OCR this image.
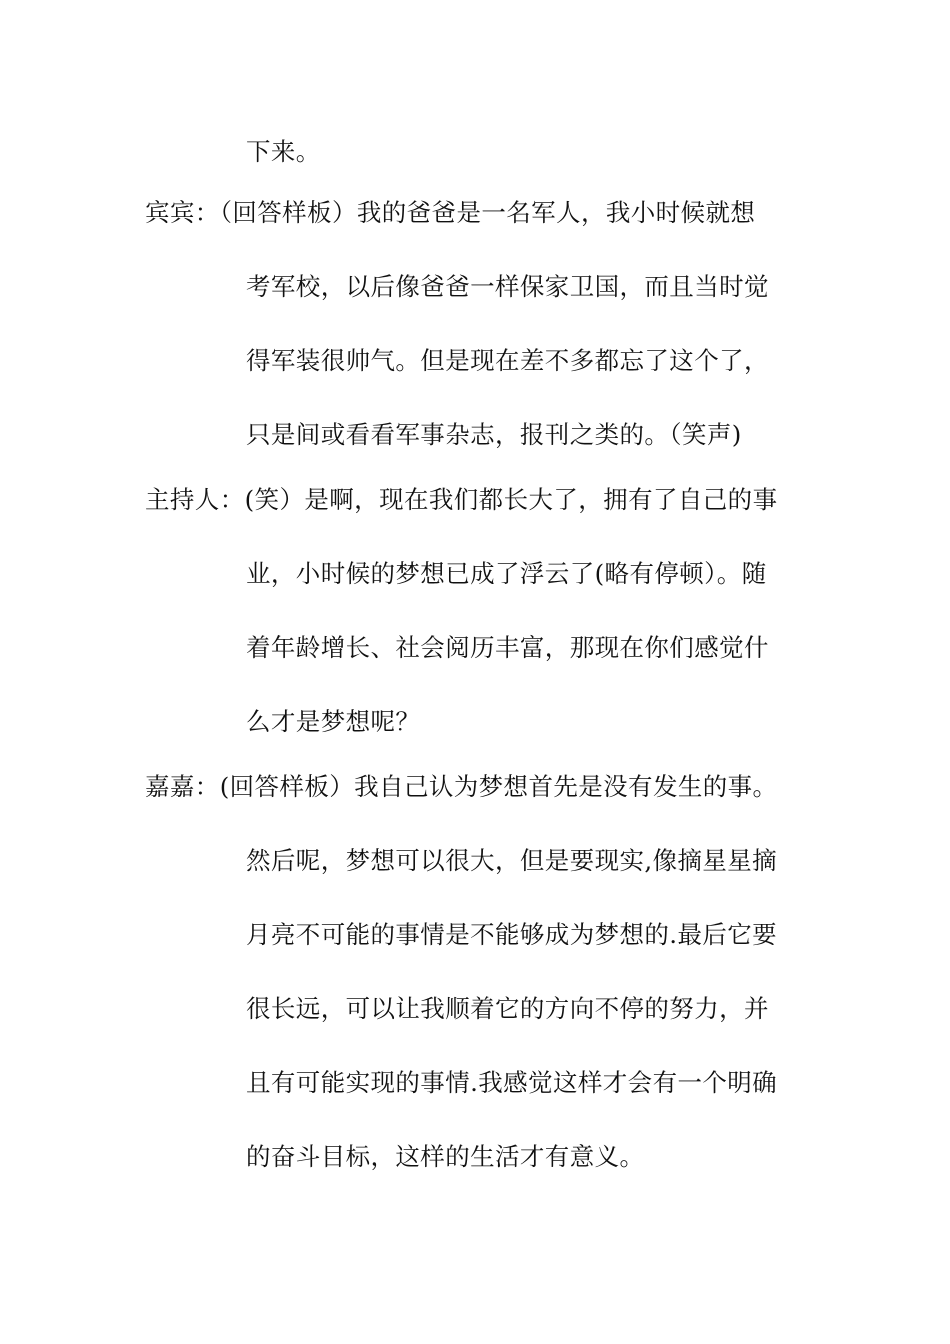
下来。
宾宾：（回答样板）我的爸爸是一名军人，我小时候就想
考军校，以后像爸爸一样保家卫国，而且当时觉
得军装很帅气。但是现在差不多都忘了这个了，
只是间或看看军事杂志，报刊之类的。（笑声)
主持人：(笑）是啊，现在我们都长大了，拥有了自己的事
业，小时候的梦想已成了浮云了(略有停顿）。随
着年龄增长、社会阅历丰富，那现在你们感觉什
么才是梦想呢？
嘉嘉：(回答样板）我自己认为梦想首先是没有发生的事。
然后呢，梦想可以很大，但是要现实,像摘星星摘
月亮不可能的事情是不能够成为梦想的.最后它要
很长远，可以让我顺着它的方向不停的努力，并
且有可能实现的事情.我感觉这样才会有一个明确
的奋斗目标，这样的生活才有意义。
